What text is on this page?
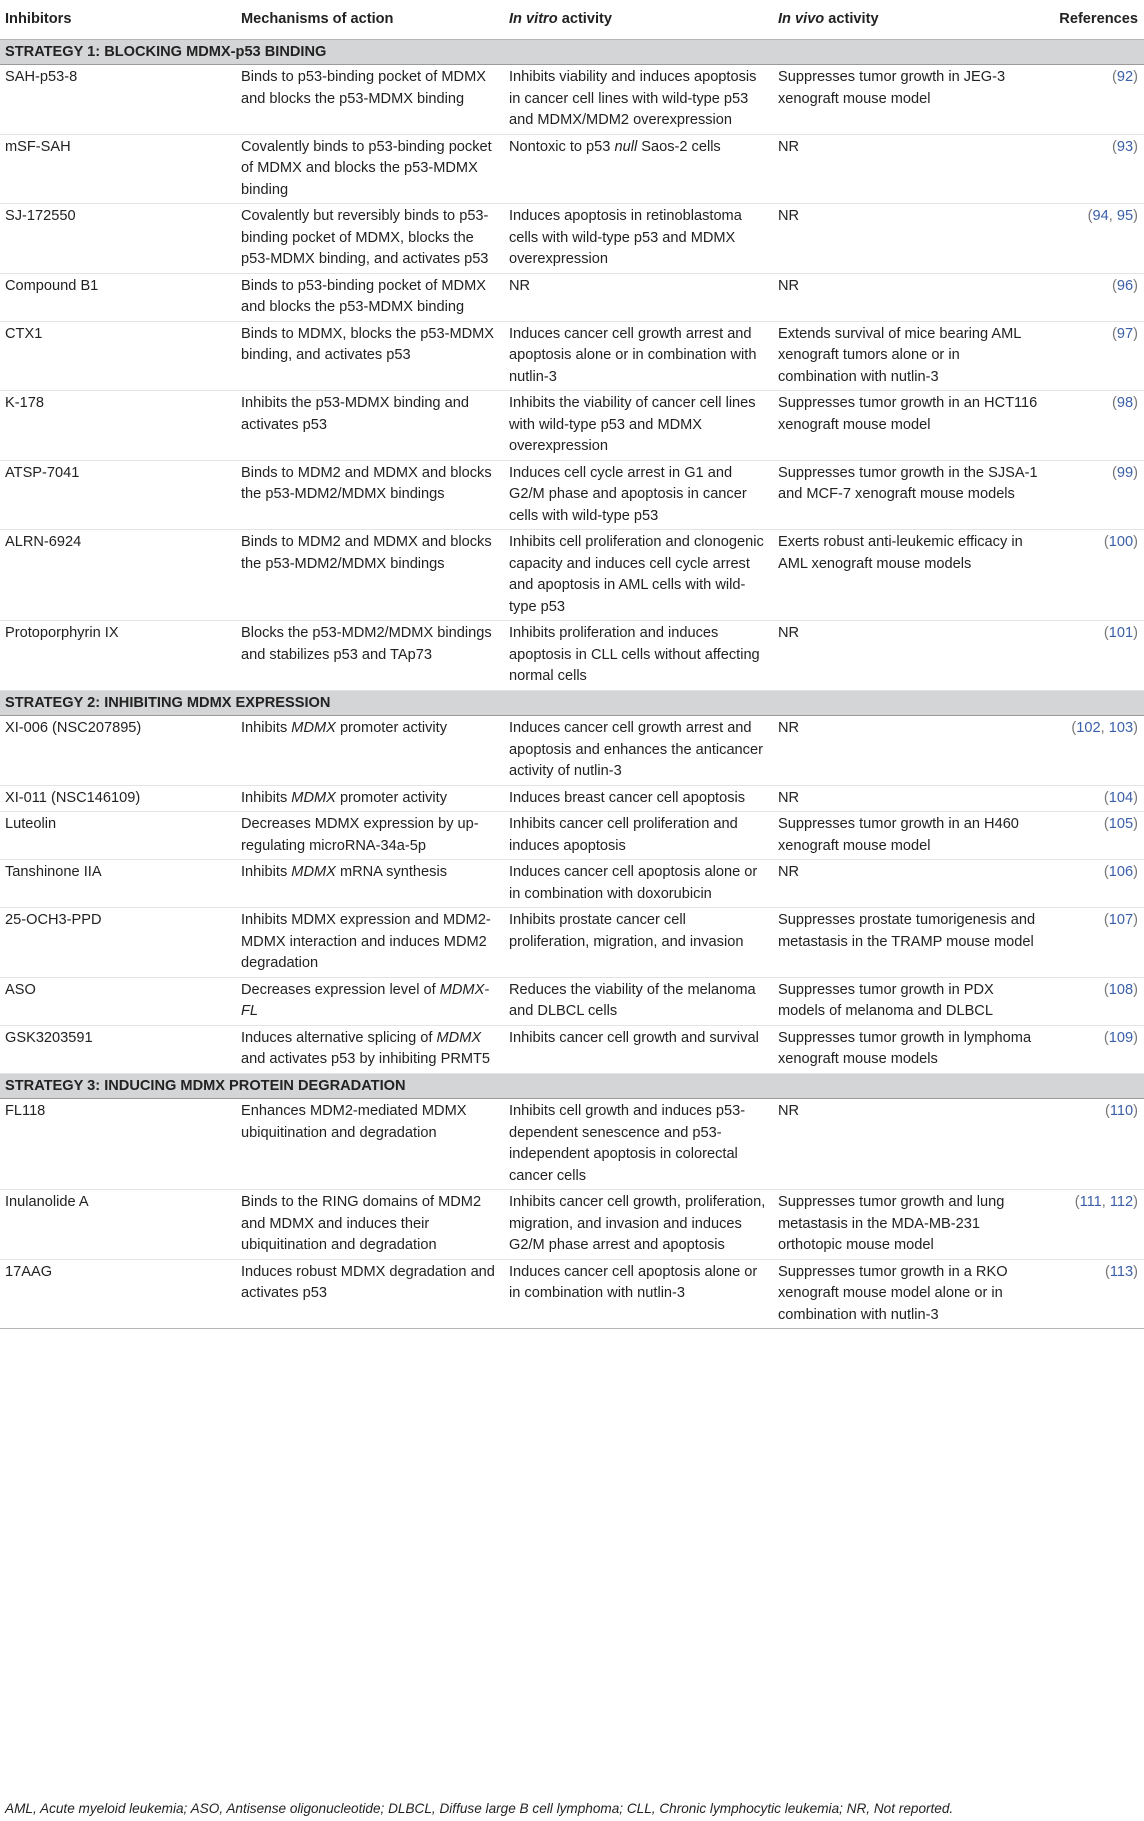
Inhibitors	Mechanisms of action	In vitro activity	In vivo activity	References
STRATEGY 1: BLOCKING MDMX-p53 BINDING				
SAH-p53-8	Binds to p53-binding pocket of MDMX and blocks the p53-MDMX binding	Inhibits viability and induces apoptosis in cancer cell lines with wild-type p53 and MDMX/MDM2 overexpression	Suppresses tumor growth in JEG-3 xenograft mouse model	(92)
mSF-SAH	Covalently binds to p53-binding pocket of MDMX and blocks the p53-MDMX binding	Nontoxic to p53 null Saos-2 cells	NR	(93)
SJ-172550	Covalently but reversibly binds to p53-binding pocket of MDMX, blocks the p53-MDMX binding, and activates p53	Induces apoptosis in retinoblastoma cells with wild-type p53 and MDMX overexpression	NR	(94, 95)
Compound B1	Binds to p53-binding pocket of MDMX and blocks the p53-MDMX binding	NR	NR	(96)
CTX1	Binds to MDMX, blocks the p53-MDMX binding, and activates p53	Induces cancer cell growth arrest and apoptosis alone or in combination with nutlin-3	Extends survival of mice bearing AML xenograft tumors alone or in combination with nutlin-3	(97)
K-178	Inhibits the p53-MDMX binding and activates p53	Inhibits the viability of cancer cell lines with wild-type p53 and MDMX overexpression	Suppresses tumor growth in an HCT116 xenograft mouse model	(98)
ATSP-7041	Binds to MDM2 and MDMX and blocks the p53-MDM2/MDMX bindings	Induces cell cycle arrest in G1 and G2/M phase and apoptosis in cancer cells with wild-type p53	Suppresses tumor growth in the SJSA-1 and MCF-7 xenograft mouse models	(99)
ALRN-6924	Binds to MDM2 and MDMX and blocks the p53-MDM2/MDMX bindings	Inhibits cell proliferation and clonogenic capacity and induces cell cycle arrest and apoptosis in AML cells with wild-type p53	Exerts robust anti-leukemic efficacy in AML xenograft mouse models	(100)
Protoporphyrin IX	Blocks the p53-MDM2/MDMX bindings and stabilizes p53 and TAp73	Inhibits proliferation and induces apoptosis in CLL cells without affecting normal cells	NR	(101)
STRATEGY 2: INHIBITING MDMX EXPRESSION				
XI-006 (NSC207895)	Inhibits MDMX promoter activity	Induces cancer cell growth arrest and apoptosis and enhances the anticancer activity of nutlin-3	NR	(102, 103)
XI-011 (NSC146109)	Inhibits MDMX promoter activity	Induces breast cancer cell apoptosis	NR	(104)
Luteolin	Decreases MDMX expression by up-regulating microRNA-34a-5p	Inhibits cancer cell proliferation and induces apoptosis	Suppresses tumor growth in an H460 xenograft mouse model	(105)
Tanshinone IIA	Inhibits MDMX mRNA synthesis	Induces cancer cell apoptosis alone or in combination with doxorubicin	NR	(106)
25-OCH3-PPD	Inhibits MDMX expression and MDM2-MDMX interaction and induces MDM2 degradation	Inhibits prostate cancer cell proliferation, migration, and invasion	Suppresses prostate tumorigenesis and metastasis in the TRAMP mouse model	(107)
ASO	Decreases expression level of MDMX-FL	Reduces the viability of the melanoma and DLBCL cells	Suppresses tumor growth in PDX models of melanoma and DLBCL	(108)
GSK3203591	Induces alternative splicing of MDMX and activates p53 by inhibiting PRMT5	Inhibits cancer cell growth and survival	Suppresses tumor growth in lymphoma xenograft mouse models	(109)
STRATEGY 3: INDUCING MDMX PROTEIN DEGRADATION				
FL118	Enhances MDM2-mediated MDMX ubiquitination and degradation	Inhibits cell growth and induces p53-dependent senescence and p53-independent apoptosis in colorectal cancer cells	NR	(110)
Inulanolide A	Binds to the RING domains of MDM2 and MDMX and induces their ubiquitination and degradation	Inhibits cancer cell growth, proliferation, migration, and invasion and induces G2/M phase arrest and apoptosis	Suppresses tumor growth and lung metastasis in the MDA-MB-231 orthotopic mouse model	(111, 112)
17AAG	Induces robust MDMX degradation and activates p53	Induces cancer cell apoptosis alone or in combination with nutlin-3	Suppresses tumor growth in a RKO xenograft mouse model alone or in combination with nutlin-3	(113)
AML, Acute myeloid leukemia; ASO, Antisense oligonucleotide; DLBCL, Diffuse large B cell lymphoma; CLL, Chronic lymphocytic leukemia; NR, Not reported.
